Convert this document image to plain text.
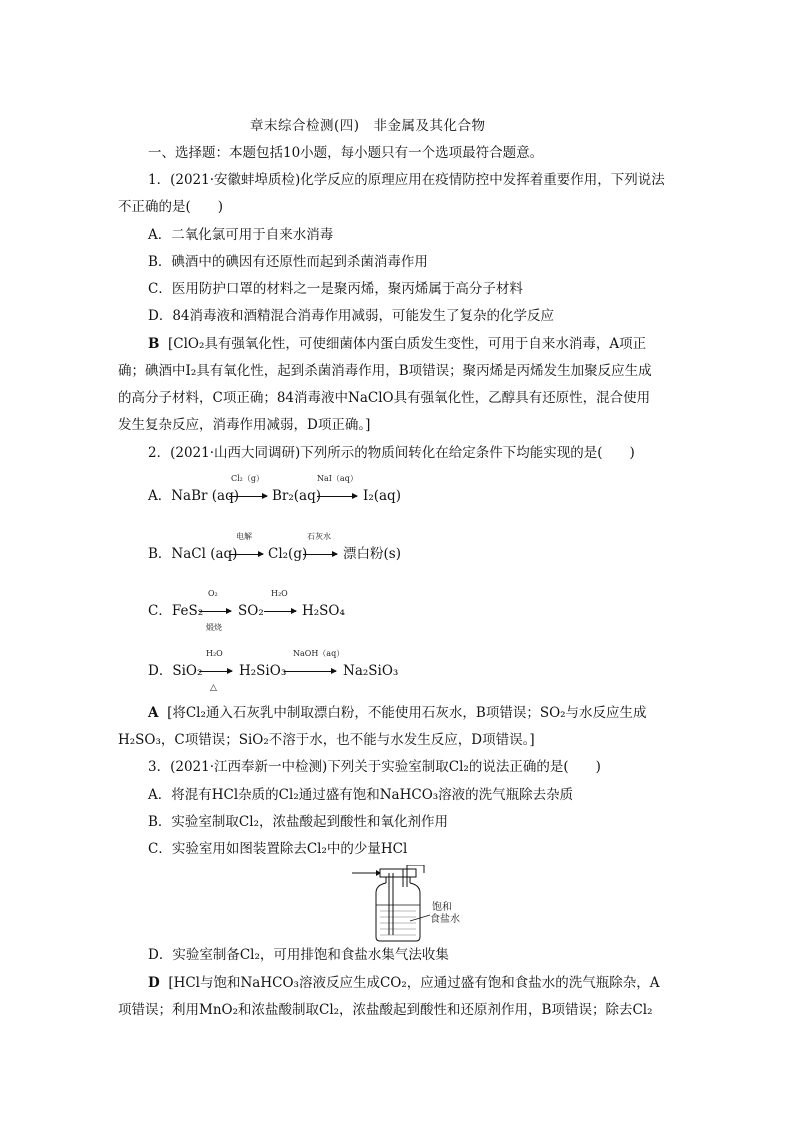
章末综合检测(四)　非金属及其化合物
一、选择题：本题包括10小题，每小题只有一个选项最符合题意。
1．(2021·安徽蚌埠质检)化学反应的原理应用在疫情防控中发挥着重要作用，下列说法
不正确的是(　　)
A．二氧化氯可用于自来水消毒
B．碘酒中的碘因有还原性而起到杀菌消毒作用
C．医用防护口罩的材料之一是聚丙烯，聚丙烯属于高分子材料
D．84消毒液和酒精混合消毒作用减弱，可能发生了复杂的化学反应
B [ClO₂具有强氧化性，可使细菌体内蛋白质发生变性，可用于自来水消毒，A项正
确；碘酒中I₂具有氧化性，起到杀菌消毒作用，B项错误；聚丙烯是丙烯发生加聚反应生成
的高分子材料，C项正确；84消毒液中NaClO具有强氧化性，乙醇具有还原性，混合使用
发生复杂反应，消毒作用减弱，D项正确。]
2．(2021·山西大同调研)下列所示的物质间转化在给定条件下均能实现的是(　　)
A．NaBr (aq)
Cl₂（g）
Br₂(aq)
NaI（aq）
I₂(aq)
B．NaCl (aq)
电解
Cl₂(g)
石灰水
漂白粉(s)
C．FeS₂
O₂
煅烧
SO₂
H₂O
H₂SO₄
D．SiO₂
H₂O
△
H₂SiO₃
NaOH（aq）
Na₂SiO₃
A [将Cl₂通入石灰乳中制取漂白粉，不能使用石灰水，B项错误；SO₂与水反应生成
H₂SO₃，C项错误；SiO₂不溶于水，也不能与水发生反应，D项错误。]
3．(2021·江西奉新一中检测)下列关于实验室制取Cl₂的说法正确的是(　　)
A．将混有HCl杂质的Cl₂通过盛有饱和NaHCO₃溶液的洗气瓶除去杂质
B．实验室制取Cl₂，浓盐酸起到酸性和氧化剂作用
C．实验室用如图装置除去Cl₂中的少量HCl
饱和
食盐水
D．实验室制备Cl₂，可用排饱和食盐水集气法收集
D [HCl与饱和NaHCO₃溶液反应生成CO₂，应通过盛有饱和食盐水的洗气瓶除杂，A
项错误；利用MnO₂和浓盐酸制取Cl₂，浓盐酸起到酸性和还原剂作用，B项错误；除去Cl₂
